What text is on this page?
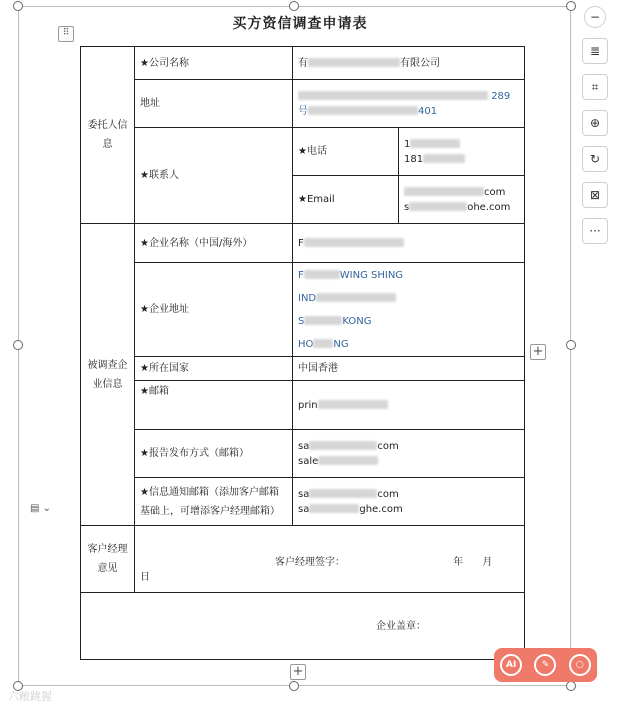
买方资信调查申请表
⠿
委托人信息	★公司名称	有 有限公司	
	地址	289
号 401	
	★联系人	★电话	1
181
		★Email	com
s ohe.com
被调查企业信息	★企业名称（中国/海外）	F	
	★企业地址	F WING SHING
IND
S KONG
HO NG	
	★所在国家	中国香港	
	★邮箱	prin	
	★报告发布方式（邮箱）	sa com
sale	
	★信息通知邮箱（添加客户邮箱基础上，可增添客户经理邮箱）	sa com
sa ghe.com	
客户经理意见	客户经理签字： 年 月 日		
企业盖章：			
+
+
▤ ⌄
−
≣
⌗
⊕
↻
⊠
···
AI	✎	○
六敞跳猩
